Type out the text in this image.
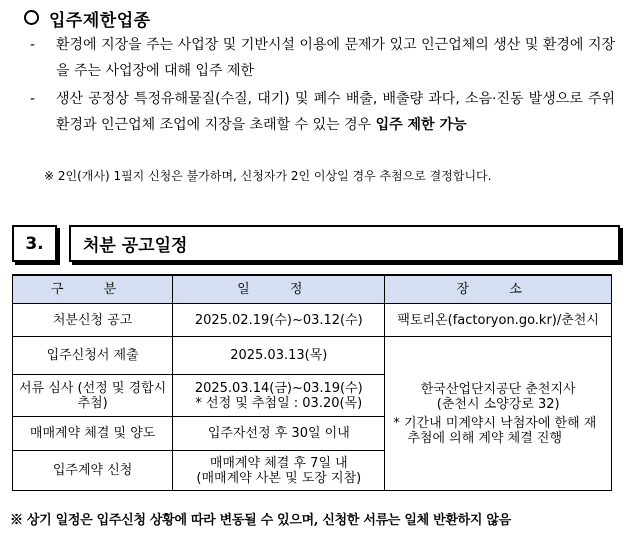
입주제한업종
- 환경에 지장을 주는 사업장 및 기반시설 이용에 문제가 있고 인근업체의 생산 및 환경에 지장을 주는 사업장에 대해 입주 제한
- 생산 공정상 특정유해물질(수질, 대기) 및 폐수 배출, 배출량 과다, 소음·진동 발생으로 주위 환경과 인근업체 조업에 지장을 초래할 수 있는 경우 입주 제한 가능
※ 2인(개사) 1필지 신청은 불가하며, 신청자가 2인 이상일 경우 추첨으로 결정합니다.
3.	처분 공고일정
구 분	일 정	장 소
처분신청 공고	2025.02.19(수)~03.12(수)	팩토리온(factoryon.go.kr)/춘천시
입주신청서 제출	2025.03.13(목)	한국산업단지공단 춘천지사
(춘천시 소양강로 32)
* 기간내 미계약시 낙첨자에 한해 재추첨에 의해 계약 체결 진행

서류 심사 (선정 및 경합시 추첨)	2025.03.14(금)~03.19(수)
* 선정 및 추첨일 : 03.20(목)	

매매계약 체결 및 양도	입주자선정 후 30일 이내	
입주계약 신청	매매계약 체결 후 7일 내
(매매계약 사본 및 도장 지참)	
※ 상기 일정은 입주신청 상황에 따라 변동될 수 있으며, 신청한 서류는 일체 반환하지 않음
